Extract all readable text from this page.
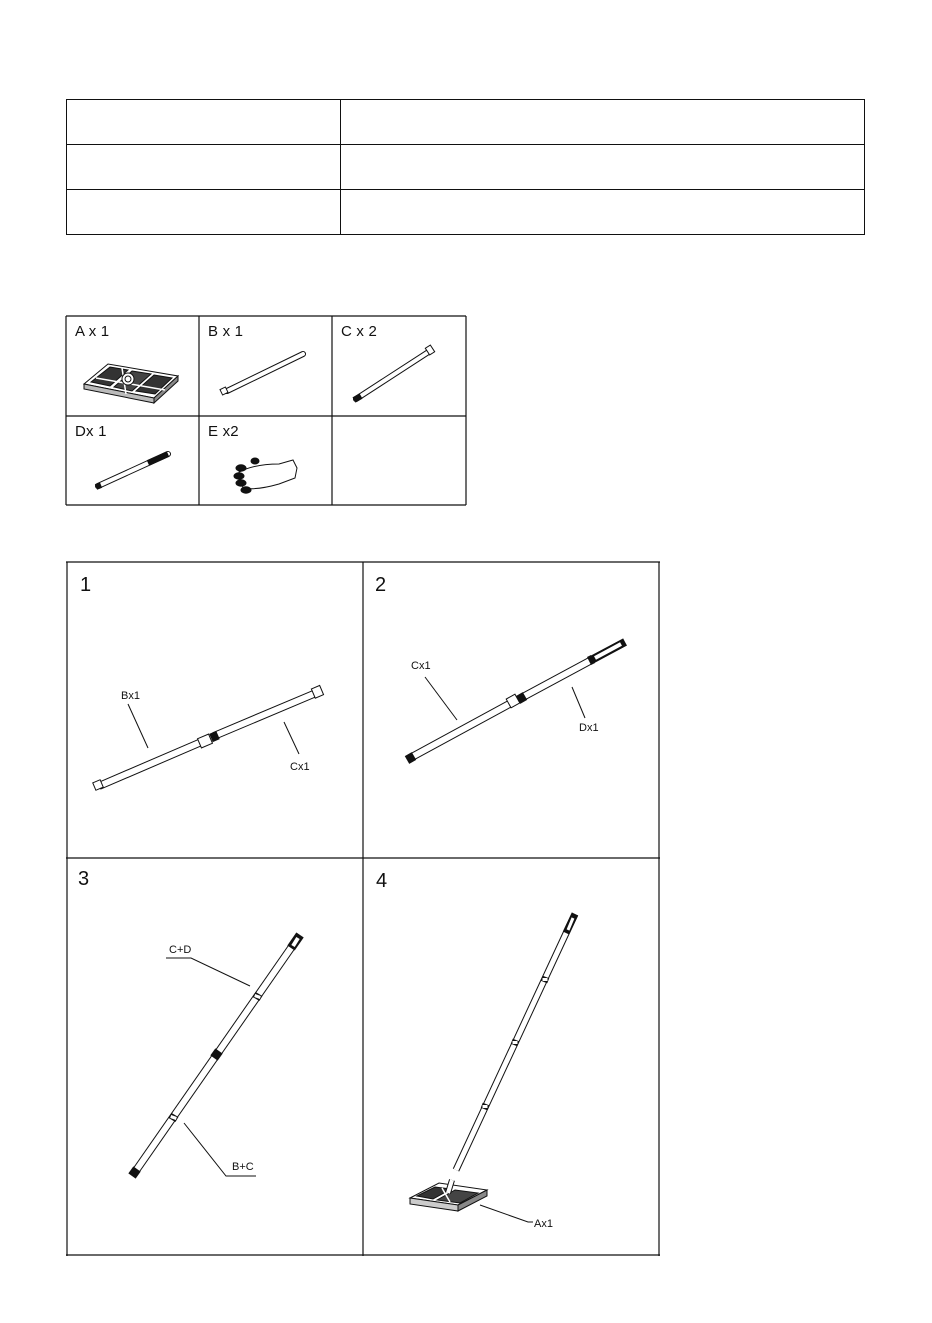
A x 1	B x 1	C x 2
Dx 1	E x2
1
Bx1
Cx1
2
Cx1
Dx1
3
C+D
B+C
4
Ax1
